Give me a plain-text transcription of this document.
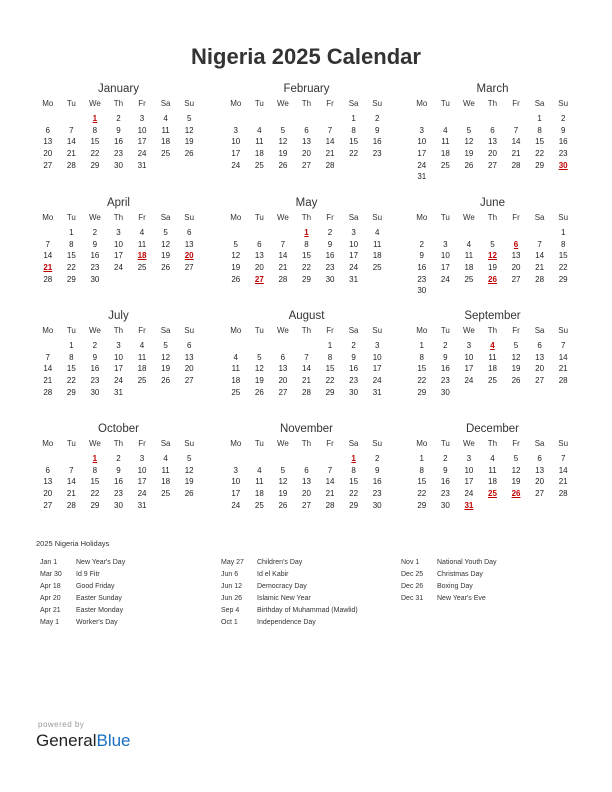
Nigeria 2025 Calendar
January
Mo	Tu	We	Th	Fr	Sa	Su
		1	2	3	4	5
6	7	8	9	10	11	12
13	14	15	16	17	18	19
20	21	22	23	24	25	26
27	28	29	30	31		
February
Mo	Tu	We	Th	Fr	Sa	Su
					1	2
3	4	5	6	7	8	9
10	11	12	13	14	15	16
17	18	19	20	21	22	23
24	25	26	27	28		
March
Mo	Tu	We	Th	Fr	Sa	Su
					1	2
3	4	5	6	7	8	9
10	11	12	13	14	15	16
17	18	19	20	21	22	23
24	25	26	27	28	29	30
31						
April
Mo	Tu	We	Th	Fr	Sa	Su
	1	2	3	4	5	6
7	8	9	10	11	12	13
14	15	16	17	18	19	20
21	22	23	24	25	26	27
28	29	30				
May
Mo	Tu	We	Th	Fr	Sa	Su
			1	2	3	4
5	6	7	8	9	10	11
12	13	14	15	16	17	18
19	20	21	22	23	24	25
26	27	28	29	30	31	
June
Mo	Tu	We	Th	Fr	Sa	Su
						1
2	3	4	5	6	7	8
9	10	11	12	13	14	15
16	17	18	19	20	21	22
23	24	25	26	27	28	29
30						
July
Mo	Tu	We	Th	Fr	Sa	Su
	1	2	3	4	5	6
7	8	9	10	11	12	13
14	15	16	17	18	19	20
21	22	23	24	25	26	27
28	29	30	31			
August
Mo	Tu	We	Th	Fr	Sa	Su
				1	2	3
4	5	6	7	8	9	10
11	12	13	14	15	16	17
18	19	20	21	22	23	24
25	26	27	28	29	30	31
September
Mo	Tu	We	Th	Fr	Sa	Su
1	2	3	4	5	6	7
8	9	10	11	12	13	14
15	16	17	18	19	20	21
22	23	24	25	26	27	28
29	30					
October
Mo	Tu	We	Th	Fr	Sa	Su
		1	2	3	4	5
6	7	8	9	10	11	12
13	14	15	16	17	18	19
20	21	22	23	24	25	26
27	28	29	30	31		
November
Mo	Tu	We	Th	Fr	Sa	Su
					1	2
3	4	5	6	7	8	9
10	11	12	13	14	15	16
17	18	19	20	21	22	23
24	25	26	27	28	29	30
December
Mo	Tu	We	Th	Fr	Sa	Su
1	2	3	4	5	6	7
8	9	10	11	12	13	14
15	16	17	18	19	20	21
22	23	24	25	26	27	28
29	30	31				
2025 Nigeria Holidays
Jan 1	New Year's Day
Mar 30 Id 9 Fitr
Apr 18 Good Friday
Apr 20 Easter Sunday
Apr 21 Easter Monday
May 1 Worker's Day
May 27 Children's Day
Jun 6	Id el Kabir
Jun 12 Democracy Day
Jun 26 Islamic New Year
Sep 4	Birthday of Muhammad (Mawlid)
Oct 1	Independence Day
Nov 1	National Youth Day
Dec 25 Christmas Day
Dec 26 Boxing Day
Dec 31 New Year's Eve
powered by
GeneralBlue
